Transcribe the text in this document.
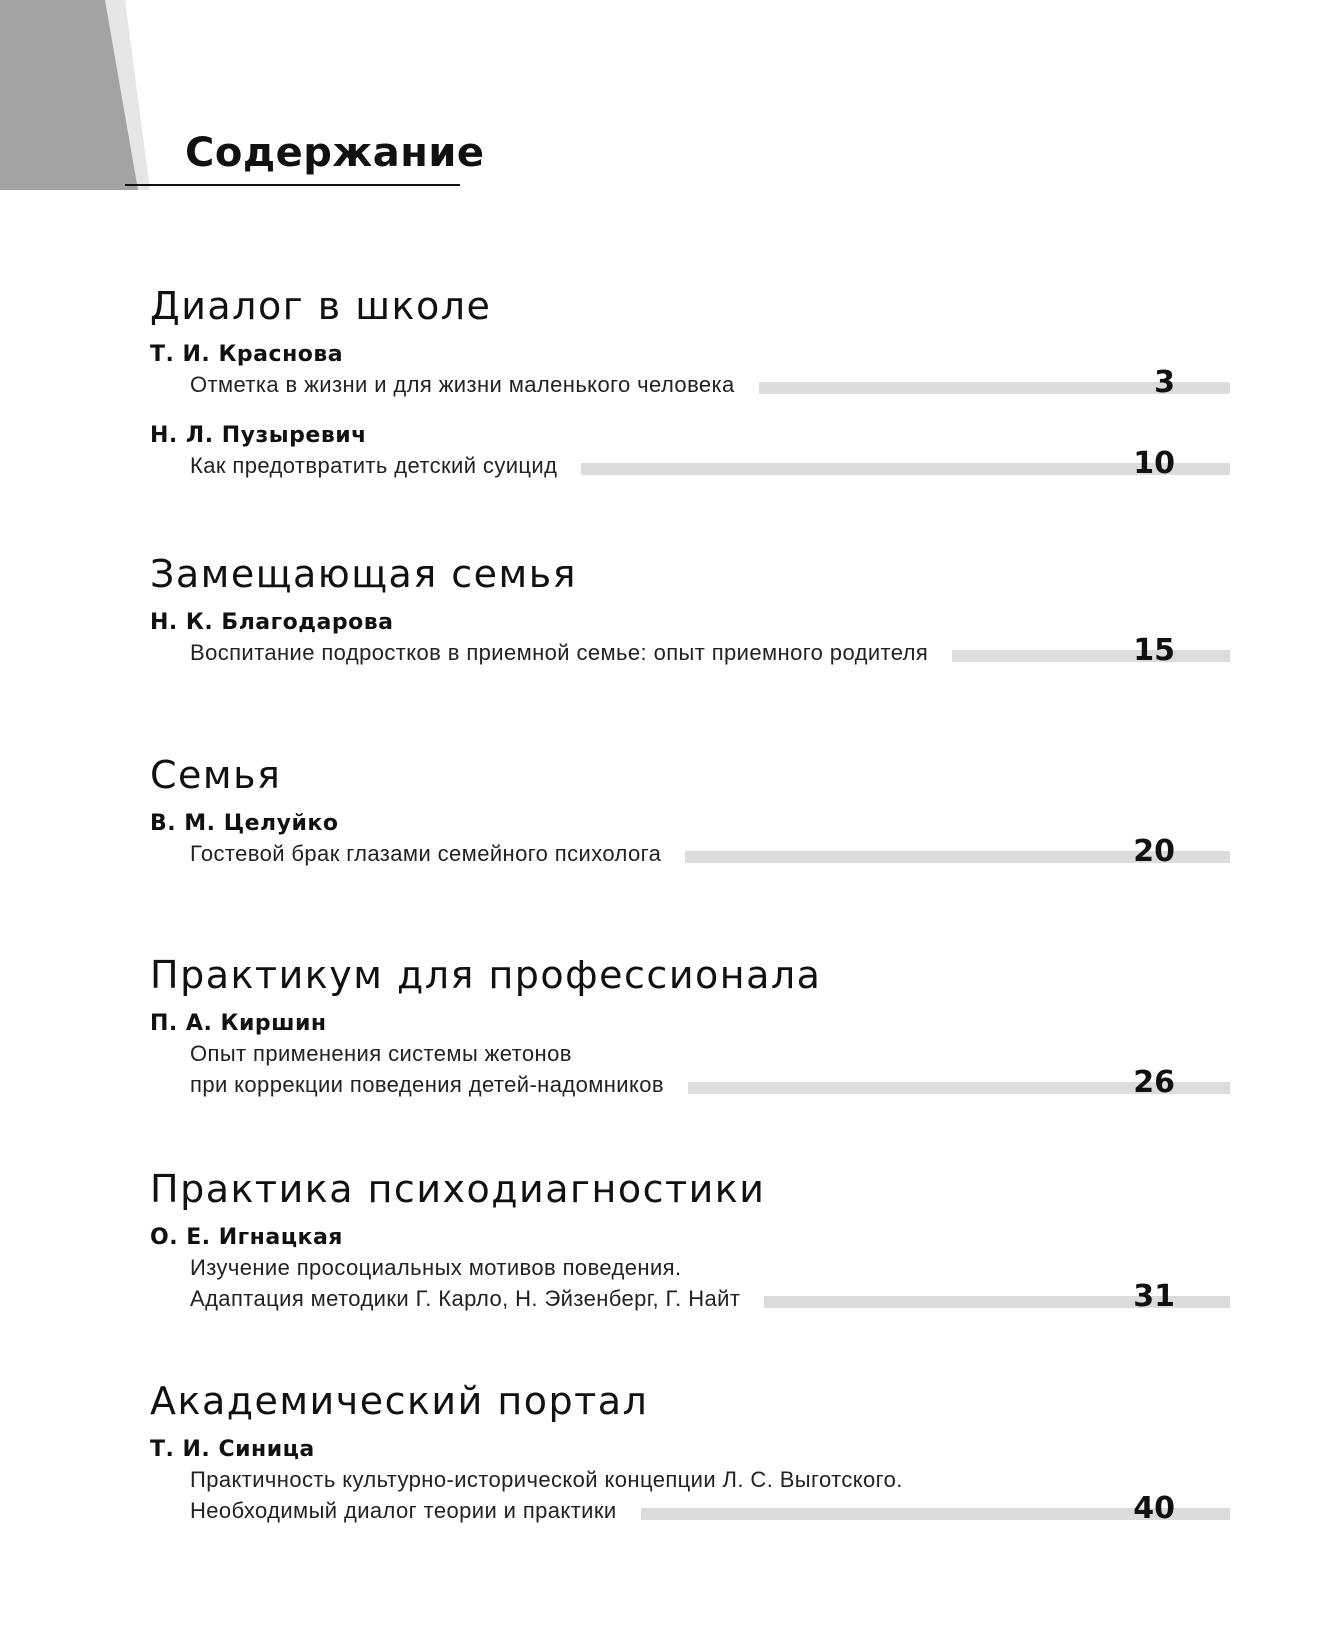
Содержание
Диалог в школе
Т. И. Краснова
Отметка в жизни и для жизни маленького человека	3
Н. Л. Пузыревич
Как предотвратить детский суицид	10
Замещающая семья
Н. К. Благодарова
Воспитание подростков в приемной семье: опыт приемного родителя	15
Семья
В. М. Целуйко
Гостевой брак глазами семейного психолога	20
Практикум для профессионала
П. А. Киршин
Опыт применения системы жетонов
при коррекции поведения детей-надомников	26
Практика психодиагностики
О. Е. Игнацкая
Изучение просоциальных мотивов поведения.
Адаптация методики Г. Карло, Н. Эйзенберг, Г. Найт	31
Академический портал
Т. И. Синица
Практичность культурно-исторической концепции Л. С. Выготского.
Необходимый диалог теории и практики	40
